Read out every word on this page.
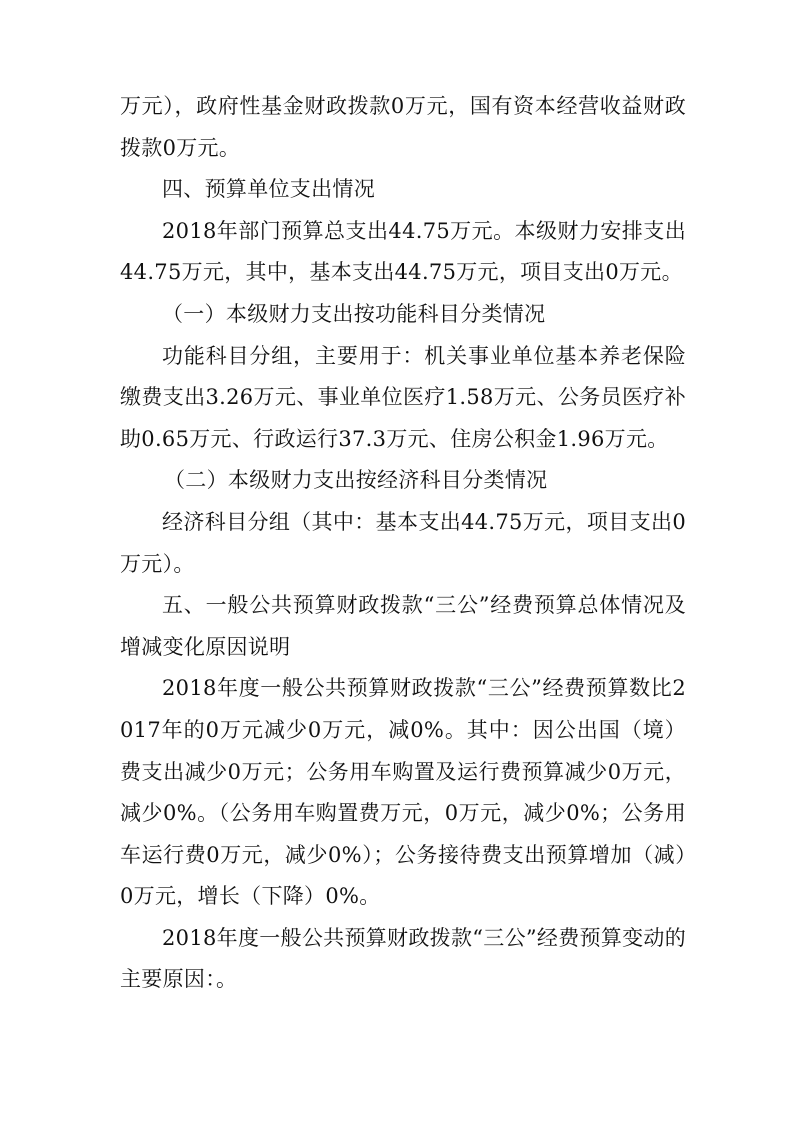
万元），政府性基金财政拨款0万元，国有资本经营收益财政拨款0万元。

四、预算单位支出情况

2018年部门预算总支出44.75万元。本级财力安排支出44.75万元，其中，基本支出44.75万元，项目支出0万元。

（一）本级财力支出按功能科目分类情况

功能科目分组，主要用于：机关事业单位基本养老保险缴费支出3.26万元、事业单位医疗1.58万元、公务员医疗补助0.65万元、行政运行37.3万元、住房公积金1.96万元。

（二）本级财力支出按经济科目分类情况

经济科目分组（其中：基本支出44.75万元，项目支出0万元）。

五、一般公共预算财政拨款“三公”经费预算总体情况及增减变化原因说明

2018年度一般公共预算财政拨款“三公”经费预算数比2017年的0万元减少0万元，减0%。其中：因公出国（境）费支出减少0万元；公务用车购置及运行费预算减少0万元，减少0%。（公务用车购置费万元，0万元，减少0%；公务用车运行费0万元，减少0%）；公务接待费支出预算增加（减）0万元，增长（下降）0%。

2018年度一般公共预算财政拨款“三公”经费预算变动的主要原因：。
